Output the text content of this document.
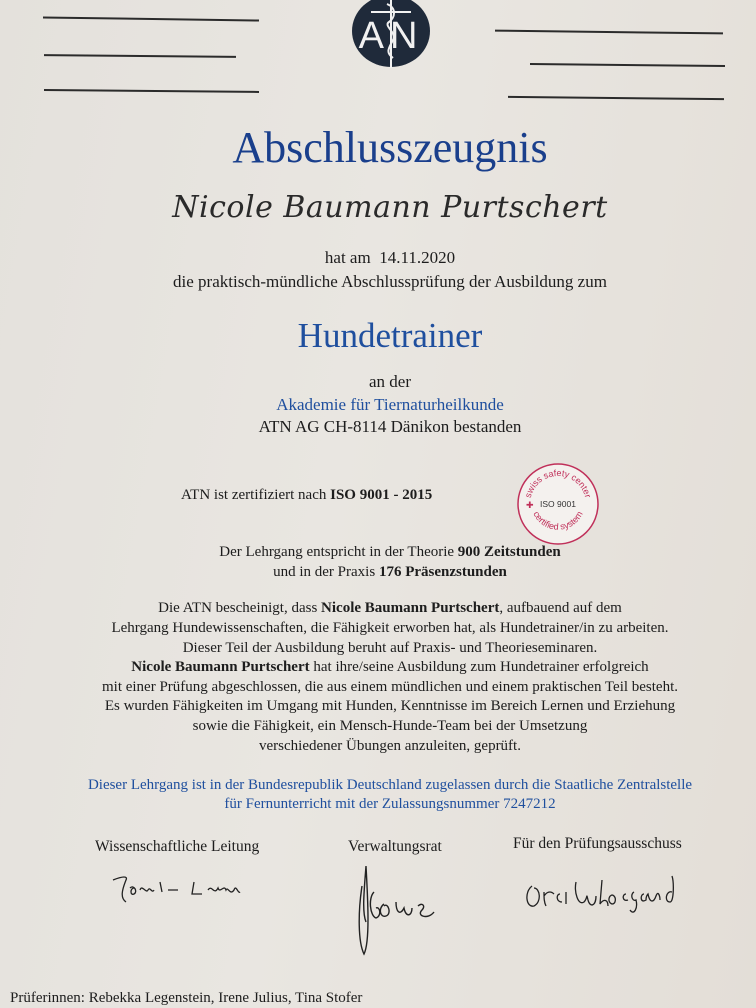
AN
Abschlusszeugnis
Nicole Baumann Purtschert
hat am 14.11.2020
die praktisch-mündliche Abschlussprüfung der Ausbildung zum
Hundetrainer
an der
Akademie für Tiernaturheilkunde
ATN AG CH-8114 Dänikon bestanden
ATN ist zertifiziert nach ISO 9001 - 2015	swiss safety center
certified system
ISO 9001
✚
Der Lehrgang entspricht in der Theorie 900 Zeitstunden
und in der Praxis 176 Präsenzstunden
Die ATN bescheinigt, dass Nicole Baumann Purtschert, aufbauend auf dem
Lehrgang Hundewissenschaften, die Fähigkeit erworben hat, als Hundetrainer/in zu arbeiten.
Dieser Teil der Ausbildung beruht auf Praxis- und Theorieseminaren.
Nicole Baumann Purtschert hat ihre/seine Ausbildung zum Hundetrainer erfolgreich
mit einer Prüfung abgeschlossen, die aus einem mündlichen und einem praktischen Teil besteht.
Es wurden Fähigkeiten im Umgang mit Hunden, Kenntnisse im Bereich Lernen und Erziehung
sowie die Fähigkeit, ein Mensch-Hunde-Team bei der Umsetzung
verschiedener Übungen anzuleiten, geprüft.
Dieser Lehrgang ist in der Bundesrepublik Deutschland zugelassen durch die Staatliche Zentralstelle
für Fernunterricht mit der Zulassungsnummer 7247212
Wissenschaftliche Leitung	Verwaltungsrat	Für den Prüfungsausschuss
Prüferinnen: Rebekka Legenstein, Irene Julius, Tina Stofer
